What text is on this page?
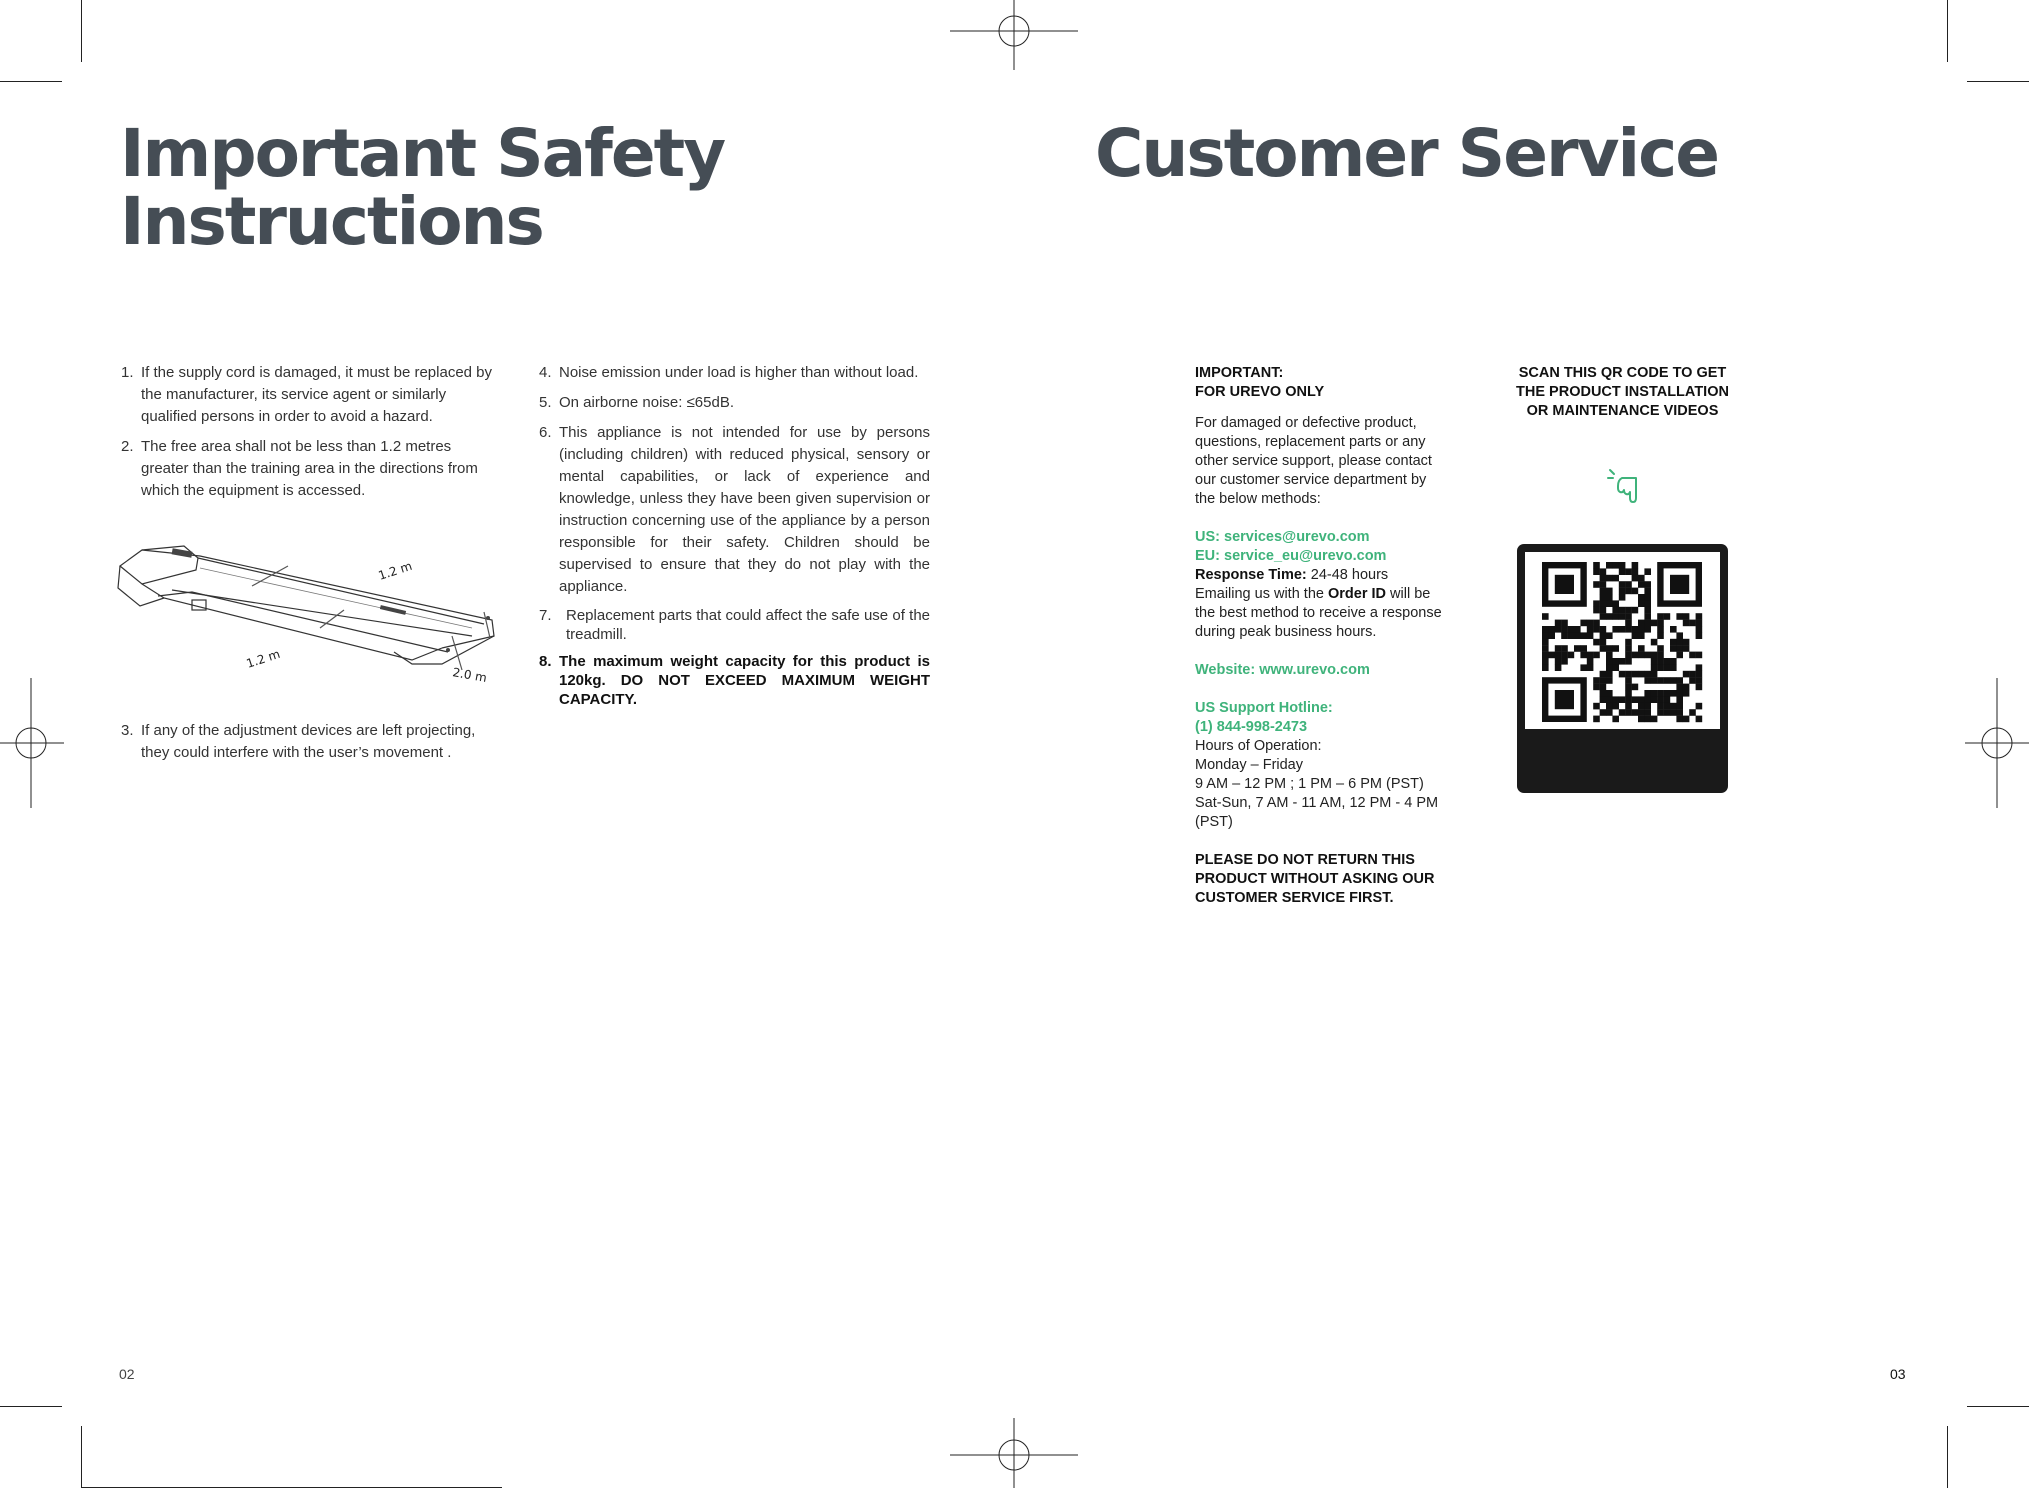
Important Safety
Instructions
1. If the supply cord is damaged, it must be replaced by the manufacturer, its service agent or similarly qualified persons in order to avoid a hazard.
2. The free area shall not be less than 1.2 metres greater than the training area in the directions from which the equipment is accessed.
1.2 m
1.2 m
2.0 m
3. If any of the adjustment devices are left projecting, they could interfere with the user’s movement .
4. Noise emission under load is higher than without load.
5. On airborne noise: ≤65dB.
6. This appliance is not intended for use by persons (including children) with reduced physical, sensory or mental capabilities, or lack of experience and knowledge, unless they have been given supervision or instruction concerning use of the appliance by a person responsible for their safety. Children should be supervised to ensure that they do not play with the appliance.
7. Replacement parts that could affect the safe use of the treadmill.
8. The maximum weight capacity for this product is 120kg. DO NOT EXCEED MAXIMUM WEIGHT CAPACITY.
02
Customer Service
IMPORTANT:
FOR UREVO ONLY
For damaged or defective product, questions, replacement parts or any other service support, please contact our customer service department by the below methods:
US: services@urevo.com
EU: service_eu@urevo.com
Response Time: 24-48 hours
Emailing us with the Order ID will be the best method to receive a response during peak business hours.
Website: www.urevo.com
US Support Hotline:
(1) 844-998-2473
Hours of Operation:
Monday – Friday
9 AM – 12 PM ; 1 PM – 6 PM (PST)
Sat-Sun, 7 AM - 11 AM, 12 PM - 4 PM (PST)
PLEASE DO NOT RETURN THIS PRODUCT WITHOUT ASKING OUR CUSTOMER SERVICE FIRST.
SCAN THIS QR CODE TO GET
THE PRODUCT INSTALLATION
OR MAINTENANCE VIDEOS
03
